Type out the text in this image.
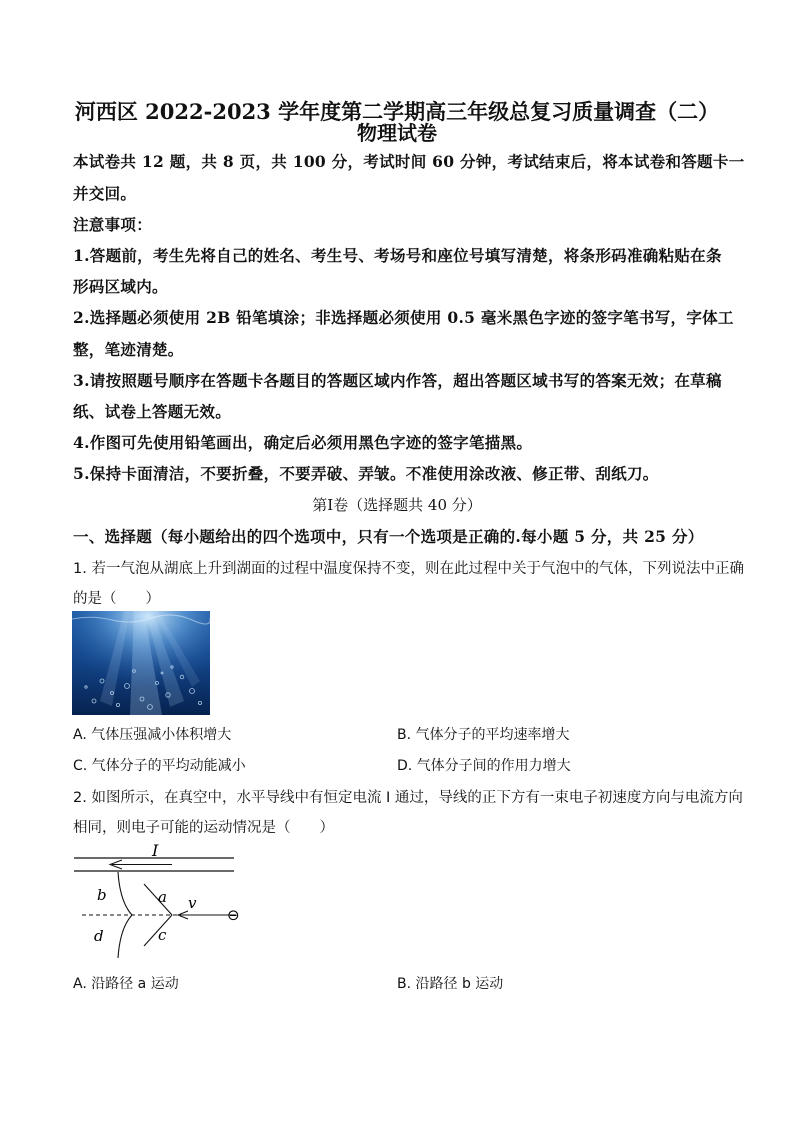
河西区 2022-2023 学年度第二学期高三年级总复习质量调查（二）
物理试卷
本试卷共 12 题，共 8 页，共 100 分，考试时间 60 分钟，考试结束后，将本试卷和答题卡一
并交回。
注意事项：
1.答题前，考生先将自己的姓名、考生号、考场号和座位号填写清楚，将条形码准确粘贴在条
形码区域内。
2.选择题必须使用 2B 铅笔填涂；非选择题必须使用 0.5 毫米黑色字迹的签字笔书写，字体工
整，笔迹清楚。
3.请按照题号顺序在答题卡各题目的答题区域内作答，超出答题区域书写的答案无效；在草稿
纸、试卷上答题无效。
4.作图可先使用铅笔画出，确定后必须用黑色字迹的签字笔描黑。
5.保持卡面清洁，不要折叠，不要弄破、弄皱。不准使用涂改液、修正带、刮纸刀。
第Ⅰ卷（选择题共 40 分）
一、选择题（每小题给出的四个选项中，只有一个选项是正确的.每小题 5 分，共 25 分）
1. 若一气泡从湖底上升到湖面的过程中温度保持不变，则在此过程中关于气泡中的气体，下列说法中正确
的是（　　）
A. 气体压强减小体积增大	B. 气体分子的平均速率增大
C. 气体分子的平均动能减小	D. 气体分子间的作用力增大
2. 如图所示，在真空中，水平导线中有恒定电流 I 通过，导线的正下方有一束电子初速度方向与电流方向
相同，则电子可能的运动情况是（　　）
I
v
⊖
a
b
c
d
A. 沿路径 a 运动	B. 沿路径 b 运动
